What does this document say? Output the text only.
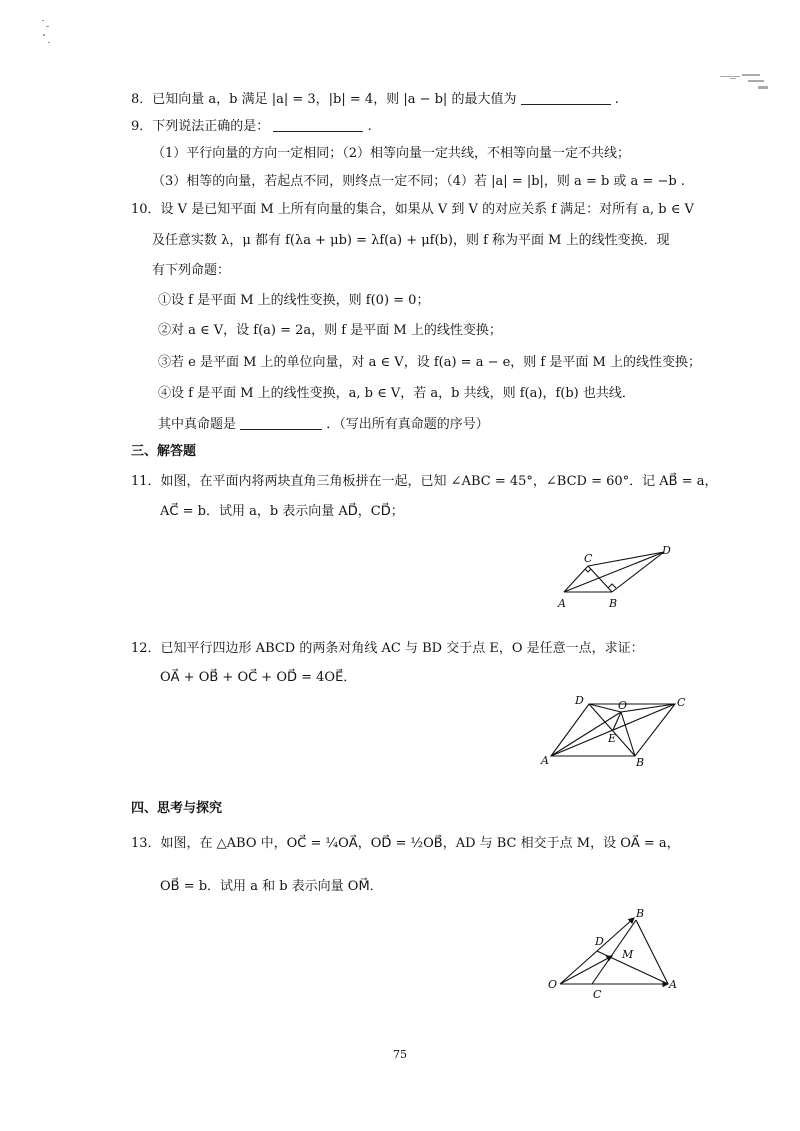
8．已知向量 a，b 满足 |a| = 3，|b| = 4，则 |a − b| 的最大值为	.
9．下列说法正确的是：	.
（1）平行向量的方向一定相同；（2）相等向量一定共线，不相等向量一定不共线；
（3）相等的向量，若起点不同，则终点一定不同；（4）若 |a| = |b|，则 a = b 或 a = −b .
10．设 V 是已知平面 M 上所有向量的集合，如果从 V 到 V 的对应关系 f 满足：对所有 a, b ∈ V
及任意实数 λ，μ 都有 f(λa + μb) = λf(a) + μf(b)，则 f 称为平面 M 上的线性变换．现
有下列命题：
①设 f 是平面 M 上的线性变换，则 f(0) = 0；
②对 a ∈ V，设 f(a) = 2a，则 f 是平面 M 上的线性变换；
③若 e 是平面 M 上的单位向量，对 a ∈ V，设 f(a) = a − e，则 f 是平面 M 上的线性变换；
④设 f 是平面 M 上的线性变换，a, b ∈ V，若 a，b 共线，则 f(a)，f(b) 也共线．
其中真命题是	．（写出所有真命题的序号）
三、解答题
11．如图，在平面内将两块直角三角板拼在一起，已知 ∠ABC = 45°，∠BCD = 60°．记 AB⃗ = a，
AC⃗ = b．试用 a，b 表示向量 AD⃗，CD⃗；
C
D
A	B
12．已知平行四边形 ABCD 的两条对角线 AC 与 BD 交于点 E，O 是任意一点，求证：
OA⃗ + OB⃗ + OC⃗ + OD⃗ = 4OE⃗．
D	O	C
E
A	B
四、思考与探究
13．如图，在 △ABO 中，OC⃗ = ¼OA⃗，OD⃗ = ½OB⃗，AD 与 BC 相交于点 M，设 OA⃗ = a，
OB⃗ = b．试用 a 和 b 表示向量 OM⃗．
B
D
M
O
C
A
75
